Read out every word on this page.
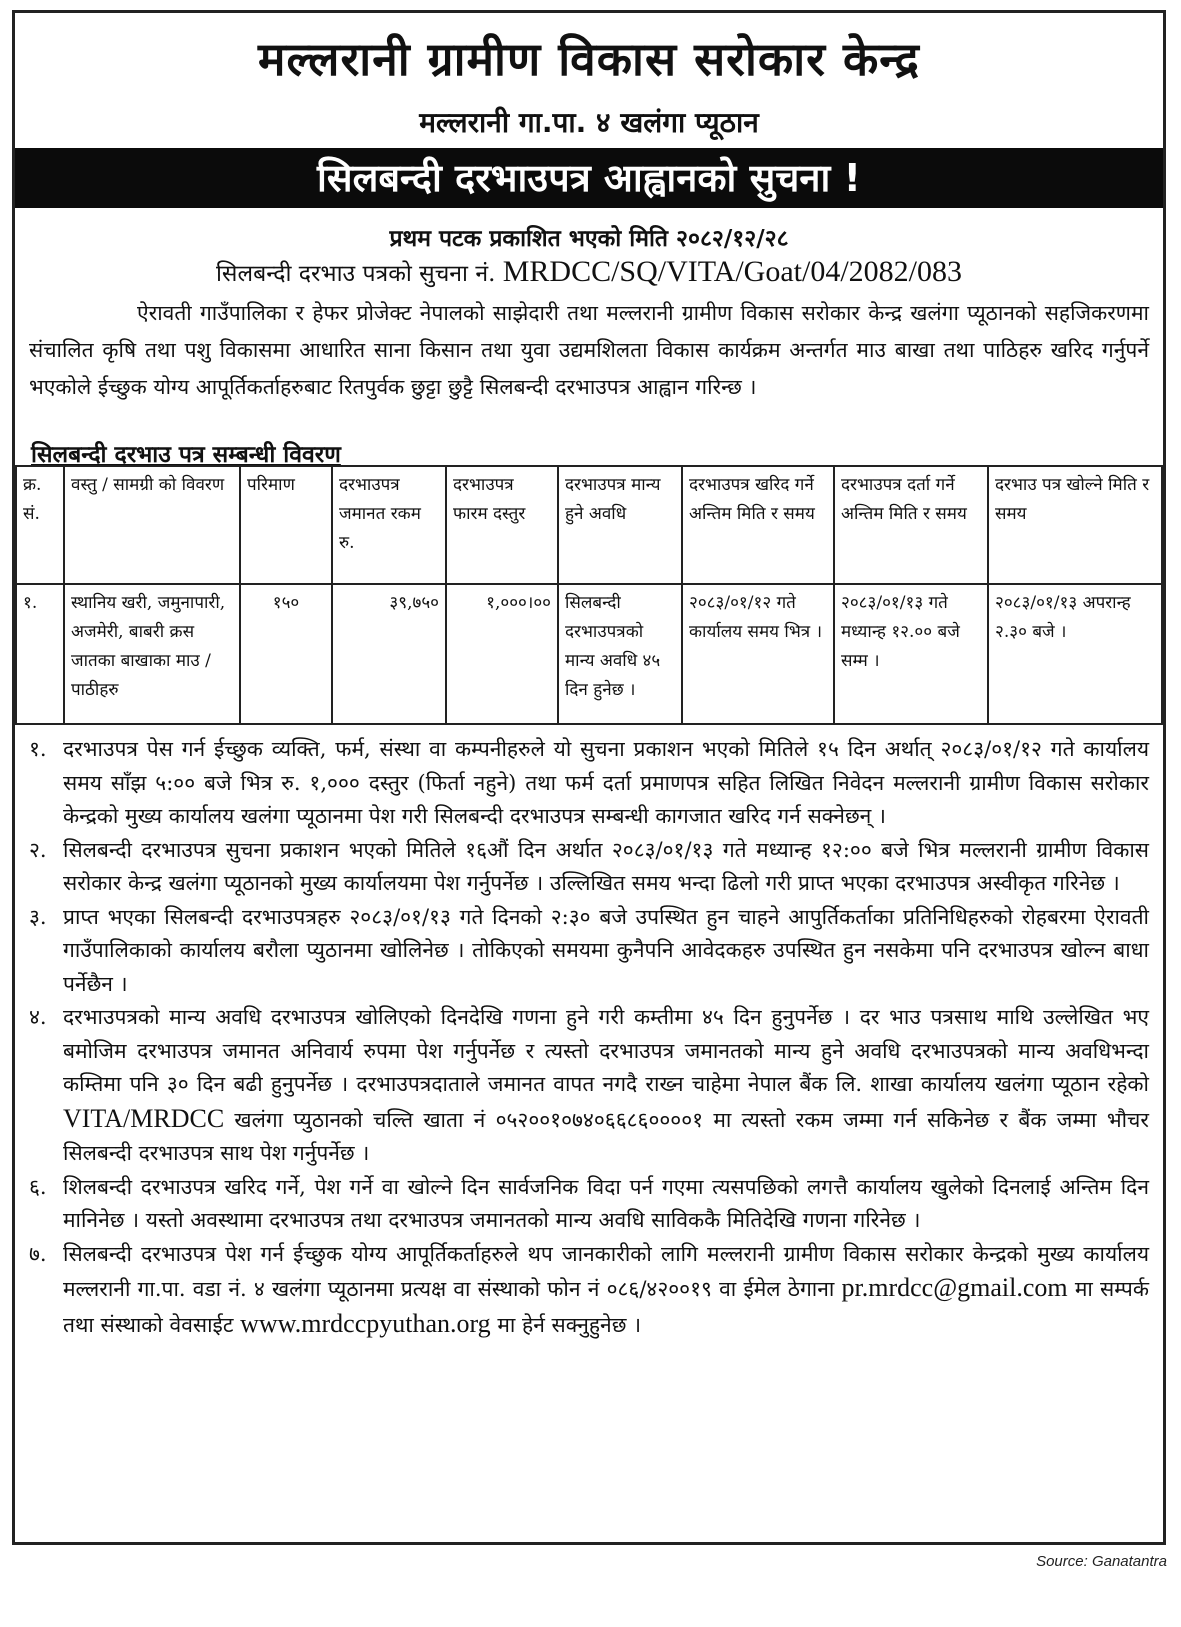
मल्लरानी ग्रामीण विकास सरोकार केन्द्र
मल्लरानी गा.पा. ४ खलंगा प्यूठान
सिलबन्दी दरभाउपत्र आह्वानको सुचना !
प्रथम पटक प्रकाशित भएको मिति २०८२/१२/२८
सिलबन्दी दरभाउ पत्रको सुचना नं. MRDCC/SQ/VITA/Goat/04/2082/083
ऐरावती गाउँपालिका र हेफर प्रोजेक्ट नेपालको साझेदारी तथा मल्लरानी ग्रामीण विकास सरोकार केन्द्र खलंगा प्यूठानको सहजिकरणमा संचालित कृषि तथा पशु विकासमा आधारित साना किसान तथा युवा उद्यमशिलता विकास कार्यक्रम अन्तर्गत माउ बाखा तथा पाठिहरु खरिद गर्नुपर्ने भएकोले ईच्छुक योग्य आपूर्तिकर्ताहरुबाट रितपुर्वक छुट्टा छुट्टै सिलबन्दी दरभाउपत्र आह्वान गरिन्छ ।
सिलबन्दी दरभाउ पत्र सम्बन्धी विवरण
क्र. सं.	वस्तु / सामग्री को विवरण	परिमाण	दरभाउपत्र जमानत रकम रु.	दरभाउपत्र फारम दस्तुर	दरभाउपत्र मान्य हुने अवधि	दरभाउपत्र खरिद गर्ने अन्तिम मिति र समय	दरभाउपत्र दर्ता गर्ने अन्तिम मिति र समय	दरभाउ पत्र खोल्ने मिति र समय
१.	स्थानिय खरी, जमुनापारी, अजमेरी, बाबरी क्रस जातका बाखाका माउ / पाठीहरु	१५०	३९,७५०	१,०००।००	सिलबन्दी दरभाउपत्रको मान्य अवधि ४५ दिन हुनेछ ।	२०८३/०१/१२ गते कार्यालय समय भित्र ।	२०८३/०१/१३ गते मध्यान्ह १२.०० बजे सम्म ।	२०८३/०१/१३ अपरान्ह २.३० बजे ।
१. दरभाउपत्र पेस गर्न ईच्छुक व्यक्ति, फर्म, संस्था वा कम्पनीहरुले यो सुचना प्रकाशन भएको मितिले १५ दिन अर्थात् २०८३/०१/१२ गते कार्यालय समय साँझ ५:०० बजे भित्र रु. १,००० दस्तुर (फिर्ता नहुने) तथा फर्म दर्ता प्रमाणपत्र सहित लिखित निवेदन मल्लरानी ग्रामीण विकास सरोकार केन्द्रको मुख्य कार्यालय खलंगा प्यूठानमा पेश गरी सिलबन्दी दरभाउपत्र सम्बन्धी कागजात खरिद गर्न सक्नेछन् ।
२. सिलबन्दी दरभाउपत्र सुचना प्रकाशन भएको मितिले १६औं दिन अर्थात २०८३/०१/१३ गते मध्यान्ह १२:०० बजे भित्र मल्लरानी ग्रामीण विकास सरोकार केन्द्र खलंगा प्यूठानको मुख्य कार्यालयमा पेश गर्नुपर्नेछ । उल्लिखित समय भन्दा ढिलो गरी प्राप्त भएका दरभाउपत्र अस्वीकृत गरिनेछ ।
३. प्राप्त भएका सिलबन्दी दरभाउपत्रहरु २०८३/०१/१३ गते दिनको २:३० बजे उपस्थित हुन चाहने आपुर्तिकर्ताका प्रतिनिधिहरुको रोहबरमा ऐरावती गाउँपालिकाको कार्यालय बरौला प्युठानमा खोलिनेछ । तोकिएको समयमा कुनैपनि आवेदकहरु उपस्थित हुन नसकेमा पनि दरभाउपत्र खोल्न बाधा पर्नेछैन ।
४. दरभाउपत्रको मान्य अवधि दरभाउपत्र खोलिएको दिनदेखि गणना हुने गरी कम्तीमा ४५ दिन हुनुपर्नेछ । दर भाउ पत्रसाथ माथि उल्लेखित भए बमोजिम दरभाउपत्र जमानत अनिवार्य रुपमा पेश गर्नुपर्नेछ र त्यस्तो दरभाउपत्र जमानतको मान्य हुने अवधि दरभाउपत्रको मान्य अवधिभन्दा कम्तिमा पनि ३० दिन बढी हुनुपर्नेछ । दरभाउपत्रदाताले जमानत वापत नगदै राख्न चाहेमा नेपाल बैंक लि. शाखा कार्यालय खलंगा प्यूठान रहेको VITA/MRDCC खलंगा प्युठानको चल्ति खाता नं ०५२००१०७४०६६८६००००१ मा त्यस्तो रकम जम्मा गर्न सकिनेछ र बैंक जम्मा भौचर सिलबन्दी दरभाउपत्र साथ पेश गर्नुपर्नेछ ।
६. शिलबन्दी दरभाउपत्र खरिद गर्ने, पेश गर्ने वा खोल्ने दिन सार्वजनिक विदा पर्न गएमा त्यसपछिको लगत्तै कार्यालय खुलेको दिनलाई अन्तिम दिन मानिनेछ । यस्तो अवस्थामा दरभाउपत्र तथा दरभाउपत्र जमानतको मान्य अवधि साविककै मितिदेखि गणना गरिनेछ ।
७. सिलबन्दी दरभाउपत्र पेश गर्न ईच्छुक योग्य आपूर्तिकर्ताहरुले थप जानकारीको लागि मल्लरानी ग्रामीण विकास सरोकार केन्द्रको मुख्य कार्यालय मल्लरानी गा.पा. वडा नं. ४ खलंगा प्यूठानमा प्रत्यक्ष वा संस्थाको फोन नं ०८६/४२००१९ वा ईमेल ठेगाना pr.mrdcc@gmail.com मा सम्पर्क तथा संस्थाको वेवसाईट www.mrdccpyuthan.org मा हेर्न सक्नुहुनेछ ।
Source: Ganatantra
